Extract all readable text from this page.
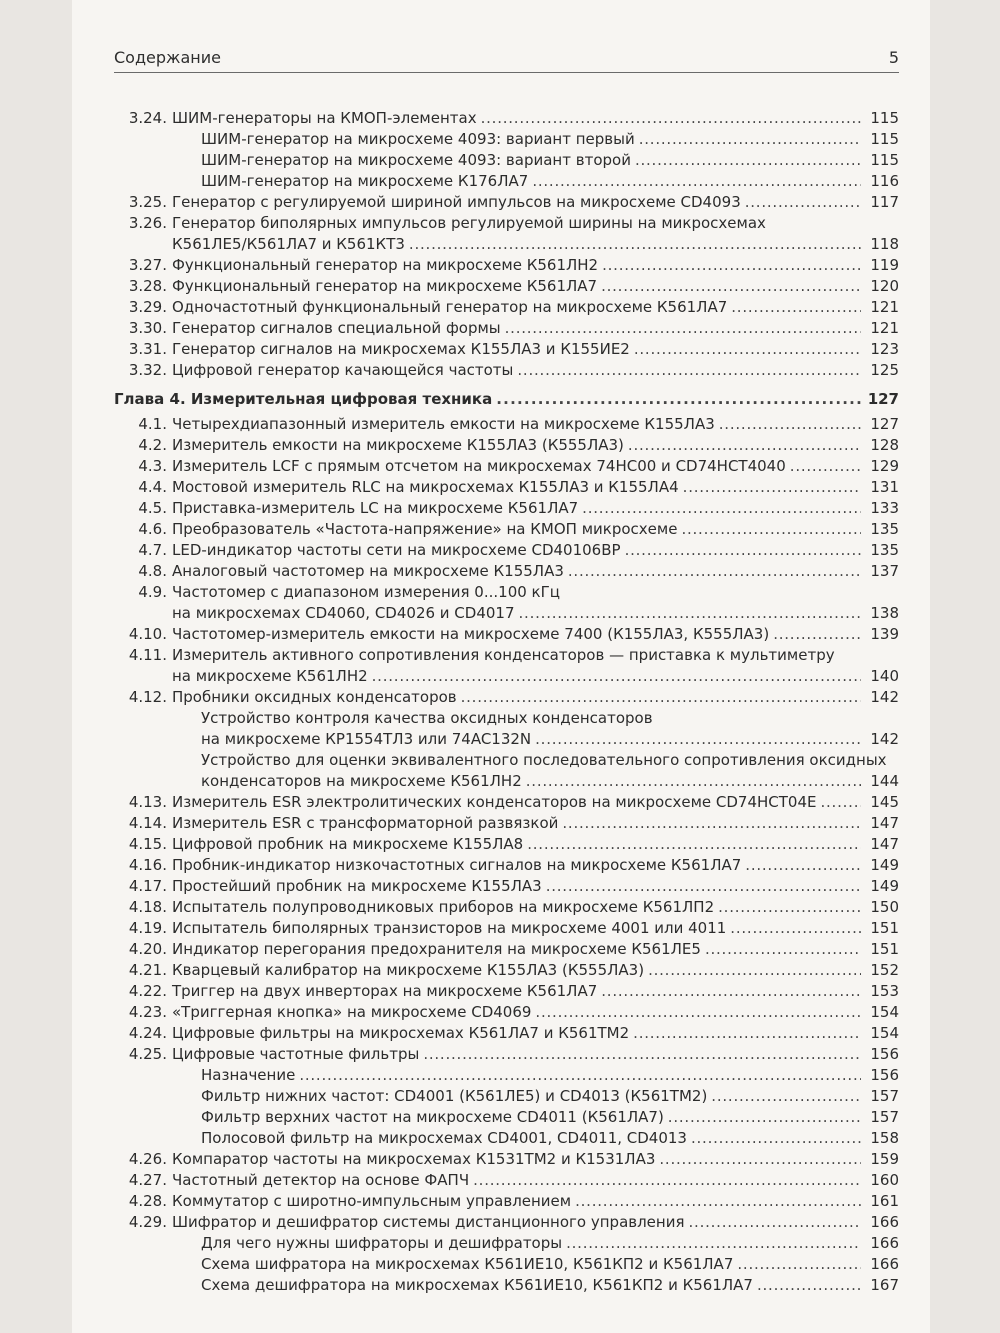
Содержание	5
3.24. ШИМ-генераторы на КМОП-элементах . . .	115
ШИМ-генератор на микросхеме 4093: вариант первый . . .	115
ШИМ-генератор на микросхеме 4093: вариант второй . . .	115
ШИМ-генератор на микросхеме К176ЛА7 . . .	116
3.25. Генератор с регулируемой шириной импульсов на микросхеме CD4093 . . .	117
3.26. Генератор биполярных импульсов регулируемой ширины на микросхемах
К561ЛЕ5/К561ЛА7 и К561КТ3 . . .	118
3.27. Функциональный генератор на микросхеме К561ЛН2 . . .	119
3.28. Функциональный генератор на микросхеме К561ЛА7 . . .	120
3.29. Одночастотный функциональный генератор на микросхеме К561ЛА7 . . .	121
3.30. Генератор сигналов специальной формы . . .	121
3.31. Генератор сигналов на микросхемах К155ЛА3 и К155ИЕ2 . . .	123
3.32. Цифровой генератор качающейся частоты . . .	125
Глава 4. Измерительная цифровая техника . . .	127
4.1. Четырехдиапазонный измеритель емкости на микросхеме К155ЛА3 . . .	127
4.2. Измеритель емкости на микросхеме К155ЛА3 (К555ЛА3) . . .	128
4.3. Измеритель LCF с прямым отсчетом на микросхемах 74HC00 и CD74HCT4040 . . .	129
4.4. Мостовой измеритель RLC на микросхемах К155ЛА3 и К155ЛА4 . . .	131
4.5. Приставка-измеритель LC на микросхеме К561ЛА7 . . .	133
4.6. Преобразователь «Частота-напряжение» на КМОП микросхеме . . .	135
4.7. LED-индикатор частоты сети на микросхеме CD40106BP . . .	135
4.8. Аналоговый частотомер на микросхеме К155ЛА3 . . .	137
4.9. Частотомер с диапазоном измерения 0...100 кГц
на микросхемах CD4060, CD4026 и CD4017 . . .	138
4.10. Частотомер-измеритель емкости на микросхеме 7400 (К155ЛА3, К555ЛА3) . . .	139
4.11. Измеритель активного сопротивления конденсаторов — приставка к мультиметру
на микросхеме К561ЛН2 . . .	140
4.12. Пробники оксидных конденсаторов . . .	142
Устройство контроля качества оксидных конденсаторов
на микросхеме КР1554ТЛ3 или 74AC132N . . .	142
Устройство для оценки эквивалентного последовательного сопротивления оксидных
конденсаторов на микросхеме К561ЛН2 . . .	144
4.13. Измеритель ESR электролитических конденсаторов на микросхеме CD74HCT04E . . .	145
4.14. Измеритель ESR с трансформаторной развязкой . . .	147
4.15. Цифровой пробник на микросхеме К155ЛА8 . . .	147
4.16. Пробник-индикатор низкочастотных сигналов на микросхеме К561ЛА7 . . .	149
4.17. Простейший пробник на микросхеме К155ЛА3 . . .	149
4.18. Испытатель полупроводниковых приборов на микросхеме К561ЛП2 . . .	150
4.19. Испытатель биполярных транзисторов на микросхеме 4001 или 4011 . . .	151
4.20. Индикатор перегорания предохранителя на микросхеме К561ЛЕ5 . . .	151
4.21. Кварцевый калибратор на микросхеме К155ЛА3 (К555ЛА3) . . .	152
4.22. Триггер на двух инверторах на микросхеме К561ЛА7 . . .	153
4.23. «Триггерная кнопка» на микросхеме CD4069 . . .	154
4.24. Цифровые фильтры на микросхемах К561ЛА7 и К561ТМ2 . . .	154
4.25. Цифровые частотные фильтры . . .	156
Назначение . . .	156
Фильтр нижних частот: CD4001 (К561ЛЕ5) и CD4013 (К561ТМ2) . . .	157
Фильтр верхних частот на микросхеме CD4011 (К561ЛА7) . . .	157
Полосовой фильтр на микросхемах CD4001, CD4011, CD4013 . . .	158
4.26. Компаратор частоты на микросхемах К1531ТМ2 и К1531ЛА3 . . .	159
4.27. Частотный детектор на основе ФАПЧ . . .	160
4.28. Коммутатор с широтно-импульсным управлением . . .	161
4.29. Шифратор и дешифратор системы дистанционного управления . . .	166
Для чего нужны шифраторы и дешифраторы . . .	166
Схема шифратора на микросхемах К561ИЕ10, К561КП2 и К561ЛА7 . . .	166
Схема дешифратора на микросхемах К561ИЕ10, К561КП2 и К561ЛА7 . . .	167
